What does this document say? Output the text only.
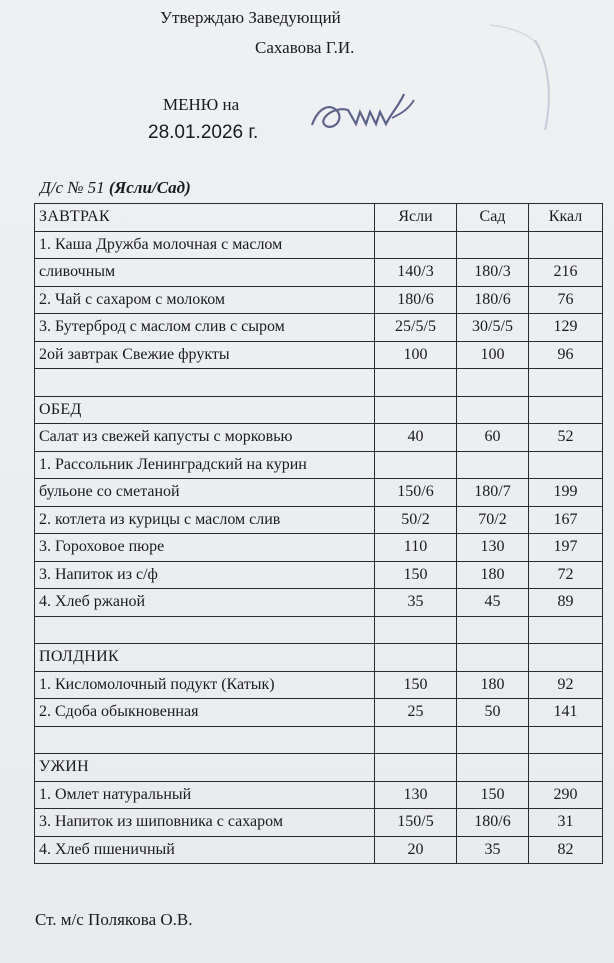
Утверждаю Заведующий
Сахавова Г.И.
МЕНЮ на
28.01.2026 г.
Д/с № 51 (Ясли/Сад)
ЗАВТРАК	Ясли	Сад	Ккал
1. Каша Дружба молочная с маслом			
сливочным	140/3	180/3	216
2. Чай с сахаром с молоком	180/6	180/6	76
3. Бутерброд с маслом слив с сыром	25/5/5	30/5/5	129
2ой завтрак Свежие фрукты	100	100	96

ОБЕД			
Салат из свежей капусты с морковью	40	60	52
1. Рассольник Ленинградский на курин			
бульоне со сметаной	150/6	180/7	199
2. котлета из курицы с маслом слив	50/2	70/2	167
3. Гороховое пюре	110	130	197
3. Напиток из с/ф	150	180	72
4. Хлеб ржаной	35	45	89

ПОЛДНИК			
1. Кисломолочный подукт (Катык)	150	180	92
2. Сдоба обыкновенная	25	50	141

УЖИН			
1. Омлет натуральный	130	150	290
3. Напиток из шиповника с сахаром	150/5	180/6	31
4. Хлеб пшеничный	20	35	82
Ст. м/с Полякова О.В.
